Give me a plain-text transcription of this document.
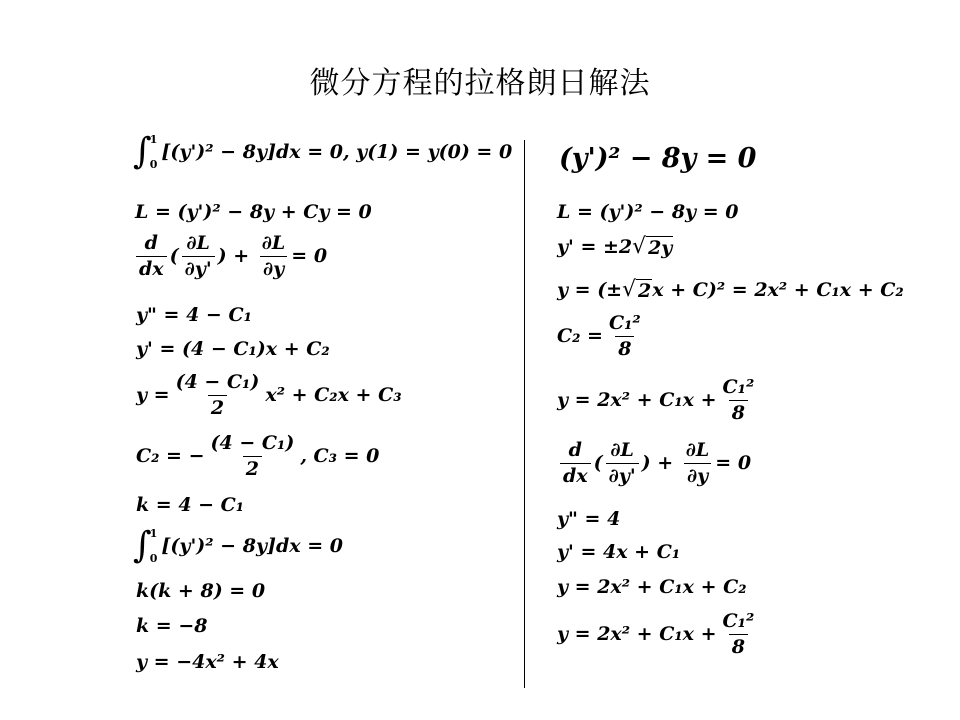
微分方程的拉格朗日解法
∫
1
0
[(y')² − 8y]dx = 0, y(1) = y(0) = 0
L = (y')² − 8y + Cy = 0
$\frac{d}{dx}$ ( $\frac{\partial L}{\partial y'}$ ) + $\frac{\partial L}{\partial y} = 0$
y" = 4 − C₁
y' = (4 − C₁)x + C₂
$y = \frac{\text{(4 − C₁)}}{2} x^2 + C_2x + C_3$
C₂ = − $\frac{\text{(4 − C₁)}}{2}$ , C₃ = 0
k = 4 − C₁
∫
1
0
[(y')² − 8y]dx = 0
k(k + 8) = 0
k = −8
y = −4x² + 4x
(y')² − 8y = 0
L = (y')² − 8y = 0
y' = ±2 √ 2y
y = (± √ 2 x + C)² = 2x² + C₁x + C₂
$C_2 = \frac{\text{C₁²}}{8}$
$y = 2x^2 + C_1x + \frac{\text{C₁²}}{8}$
$\frac{d}{dx}$ ( $\frac{\partial L}{\partial y'}$ ) + $\frac{\partial L}{\partial y} = 0$
y" = 4
y' = 4x + C₁
y = 2x² + C₁x + C₂
$y = 2x^2 + C_1x + \frac{\text{C₁²}}{8}$
